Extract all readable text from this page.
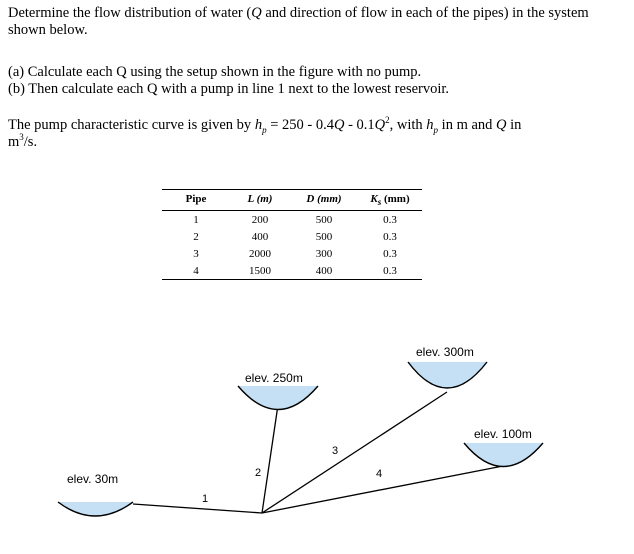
Determine the flow distribution of water (Q and direction of flow in each of the pipes) in the system shown below.
(a) Calculate each Q using the setup shown in the figure with no pump.
(b) Then calculate each Q with a pump in line 1 next to the lowest reservoir.
The pump characteristic curve is given by $h_p = 250 - 0.4Q - 0.1Q^2$, with $h_p$ in m and Q in
$m^3/s$.
Pipe	L (m)	D (mm)	$K_s$ (mm)
1	200	500	0.3
2	400	500	0.3
3	2000	300	0.3
4	1500	400	0.3
elev. 30m
elev. 250m
elev. 300m
elev. 100m
1
2
3
4
